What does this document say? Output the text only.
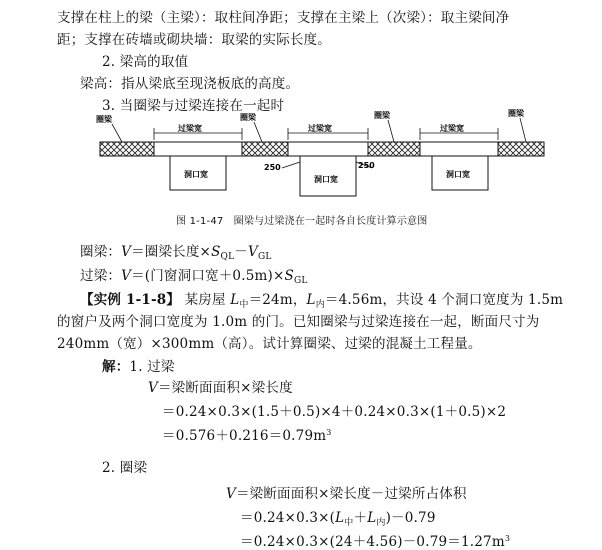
支撑在柱上的梁（主梁）：取柱间净距；支撑在主梁上（次梁）：取主梁间净
距；支撑在砖墙或砌块墙：取梁的实际长度。
2. 梁高的取值
梁高：指从梁底至现浇板底的高度。
3. 当圈梁与过梁连接在一起时
圈梁	圈梁	圈梁	圈梁
过梁宽	过梁宽	过梁宽
洞口宽
洞口宽
洞口宽
250	250
图 1-1-47　圈梁与过梁浇在一起时各自长度计算示意图
圈梁：V＝圈梁长度$\times S_{QL}-V_{GL}$
过梁：V＝(门窗洞口宽$+0.5m)\times S_{GL}$
【实例 1-1-8】 某房屋 $L_中=24m$，$L_内=4.56m$，共设 4 个洞口宽度为 1.5m
的窗户及两个洞口宽度为 1.0m 的门。已知圈梁与过梁连接在一起，断面尺寸为
240mm（宽）×300mm（高）。试计算圈梁、过梁的混凝土工程量。
解：1. 过梁
V＝梁断面面积×梁长度
＝0.24×0.3×(1.5＋0.5)×4＋0.24×0.3×(1＋0.5)×2
$=0.576+0.216=0.79m^3$
2. 圈梁
V＝梁断面面积×梁长度－过梁所占体积
$=0.24\times 0.3\times(L_中+L_内)-0.79$
$=0.24\times 0.3\times(24+4.56)-0.79=1.27m^3$
